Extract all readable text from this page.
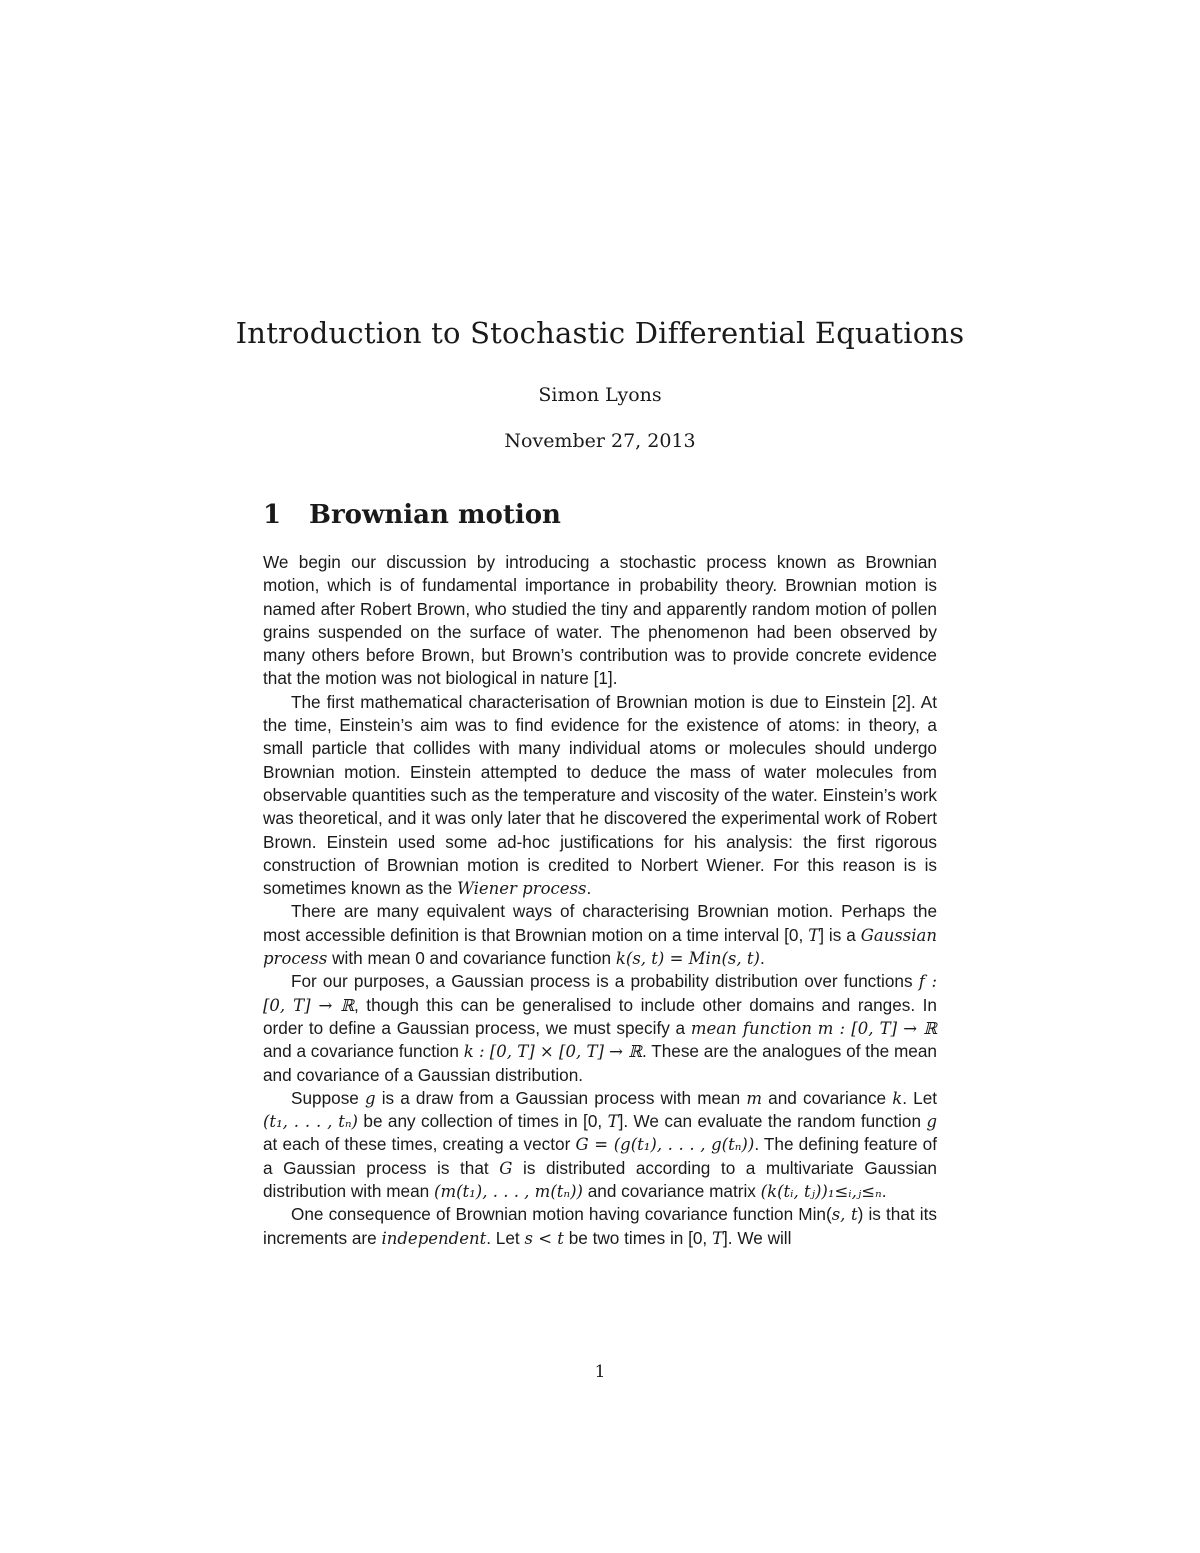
Introduction to Stochastic Differential Equations
Simon Lyons
November 27, 2013
1 Brownian motion

We begin our discussion by introducing a stochastic process known as Brownian motion, which is of fundamental importance in probability theory. Brownian motion is named after Robert Brown, who studied the tiny and apparently random motion of pollen grains suspended on the surface of water. The phenomenon had been observed by many others before Brown, but Brown’s contribution was to provide concrete evidence that the motion was not biological in nature [1].

The first mathematical characterisation of Brownian motion is due to Einstein [2]. At the time, Einstein’s aim was to find evidence for the existence of atoms: in theory, a small particle that collides with many individual atoms or molecules should undergo Brownian motion. Einstein attempted to deduce the mass of water molecules from observable quantities such as the temperature and viscosity of the water. Einstein’s work was theoretical, and it was only later that he discovered the experimental work of Robert Brown. Einstein used some ad-hoc justifications for his analysis: the first rigorous construction of Brownian motion is credited to Norbert Wiener. For this reason is is sometimes known as the Wiener process.

There are many equivalent ways of characterising Brownian motion. Perhaps the most accessible definition is that Brownian motion on a time interval [0, T] is a Gaussian process with mean 0 and covariance function k(s, t) = Min(s, t).

For our purposes, a Gaussian process is a probability distribution over functions f : [0, T] → ℝ, though this can be generalised to include other domains and ranges. In order to define a Gaussian process, we must specify a mean function m : [0, T] → ℝ and a covariance function k : [0, T] × [0, T] → ℝ. These are the analogues of the mean and covariance of a Gaussian distribution.

Suppose g is a draw from a Gaussian process with mean m and covariance k. Let (t₁, . . . , tₙ) be any collection of times in [0, T]. We can evaluate the random function g at each of these times, creating a vector G = (g(t₁), . . . , g(tₙ)). The defining feature of a Gaussian process is that G is distributed according to a multivariate Gaussian distribution with mean (m(t₁), . . . , m(tₙ)) and covariance matrix (k(tᵢ, tⱼ))₁≤ᵢ,ⱼ≤ₙ.

One consequence of Brownian motion having covariance function Min(s, t) is that its increments are independent. Let s < t be two times in [0, T]. We will

1
